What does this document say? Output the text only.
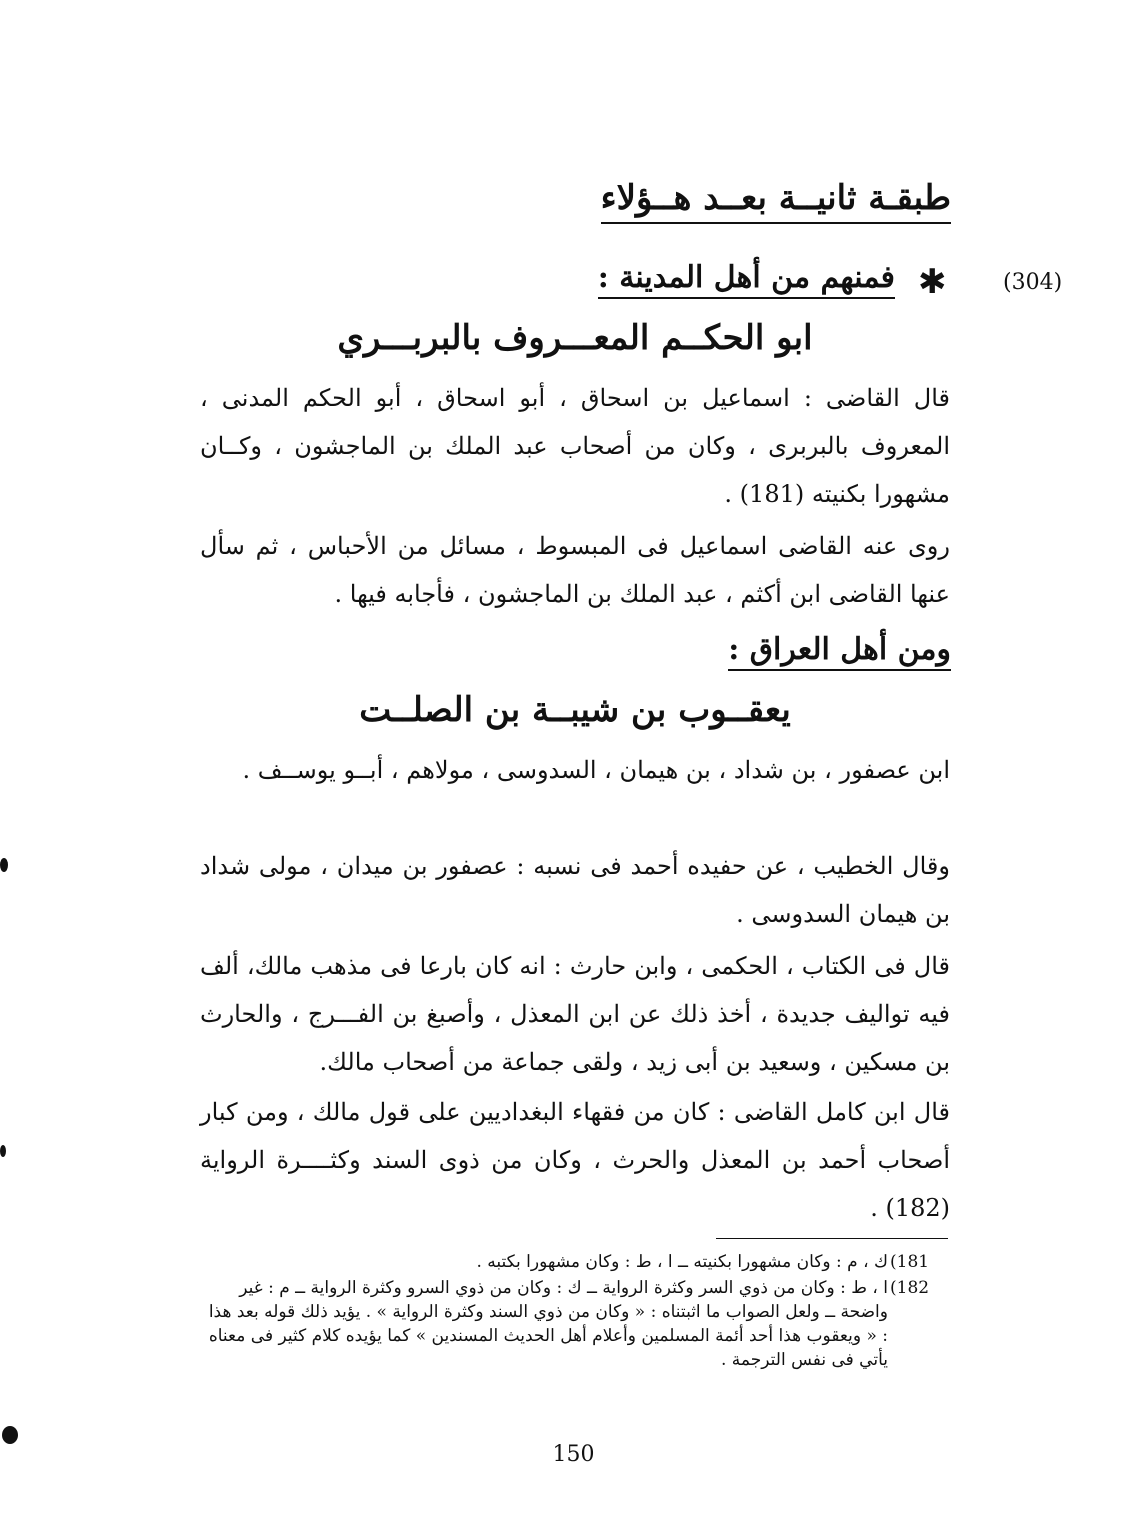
طبقـة ثانيــة بعــد هــؤلاء
(304)
✱
فمنهم من أهل المدينة :
ابو الحكــم المعـــروف بالبربـــري
قال القاضى : اسماعيل بن اسحاق ، أبو اسحاق ، أبو الحكم المدنى ، المعروف بالبربرى ، وكان من أصحاب عبد الملك بن الماجشون ، وكــان مشهورا بكنيته (181) .
روى عنه القاضى اسماعيل فى المبسوط ، مسائل من الأحباس ، ثم سأل عنها القاضى ابن أكثم ، عبد الملك بن الماجشون ، فأجابه فيها .
ومن أهل العراق :
يعقــوب بن شيبــة بن الصلــت
ابن عصفور ، بن شداد ، بن هيمان ، السدوسى ، مولاهم ، أبــو يوســف .
وقال الخطيب ، عن حفيده أحمد فى نسبه : عصفور بن ميدان ، مولى شداد بن هيمان السدوسى .
قال فى الكتاب ، الحكمى ، وابن حارث : انه كان بارعا فى مذهب مالك، ألف فيه تواليف جديدة ، أخذ ذلك عن ابن المعذل ، وأصبغ بن الفـــرج ، والحارث بن مسكين ، وسعيد بن أبى زيد ، ولقى جماعة من أصحاب مالك.
قال ابن كامل القاضى : كان من فقهاء البغداديين على قول مالك ، ومن كبار أصحاب أحمد بن المعذل والحرث ، وكان من ذوى السند وكثــــرة الرواية (182) .
ك ، م : وكان مشهورا بكنيته ــ ا ، ط : وكان مشهورا بكتبه . (181
ا ، ط : وكان من ذوي السر وكثرة الرواية ــ ك : وكان من ذوي السرو وكثرة الرواية ــ م : غير واضحة ــ ولعل الصواب ما اثبتناه : « وكان من ذوي السند وكثرة الرواية » . يؤيد ذلك قوله بعد هذا : « ويعقوب هذا أحد أئمة المسلمين وأعلام أهل الحديث المسندين » كما يؤيده كلام كثير فى معناه يأتي فى نفس الترجمة .
(182
150
